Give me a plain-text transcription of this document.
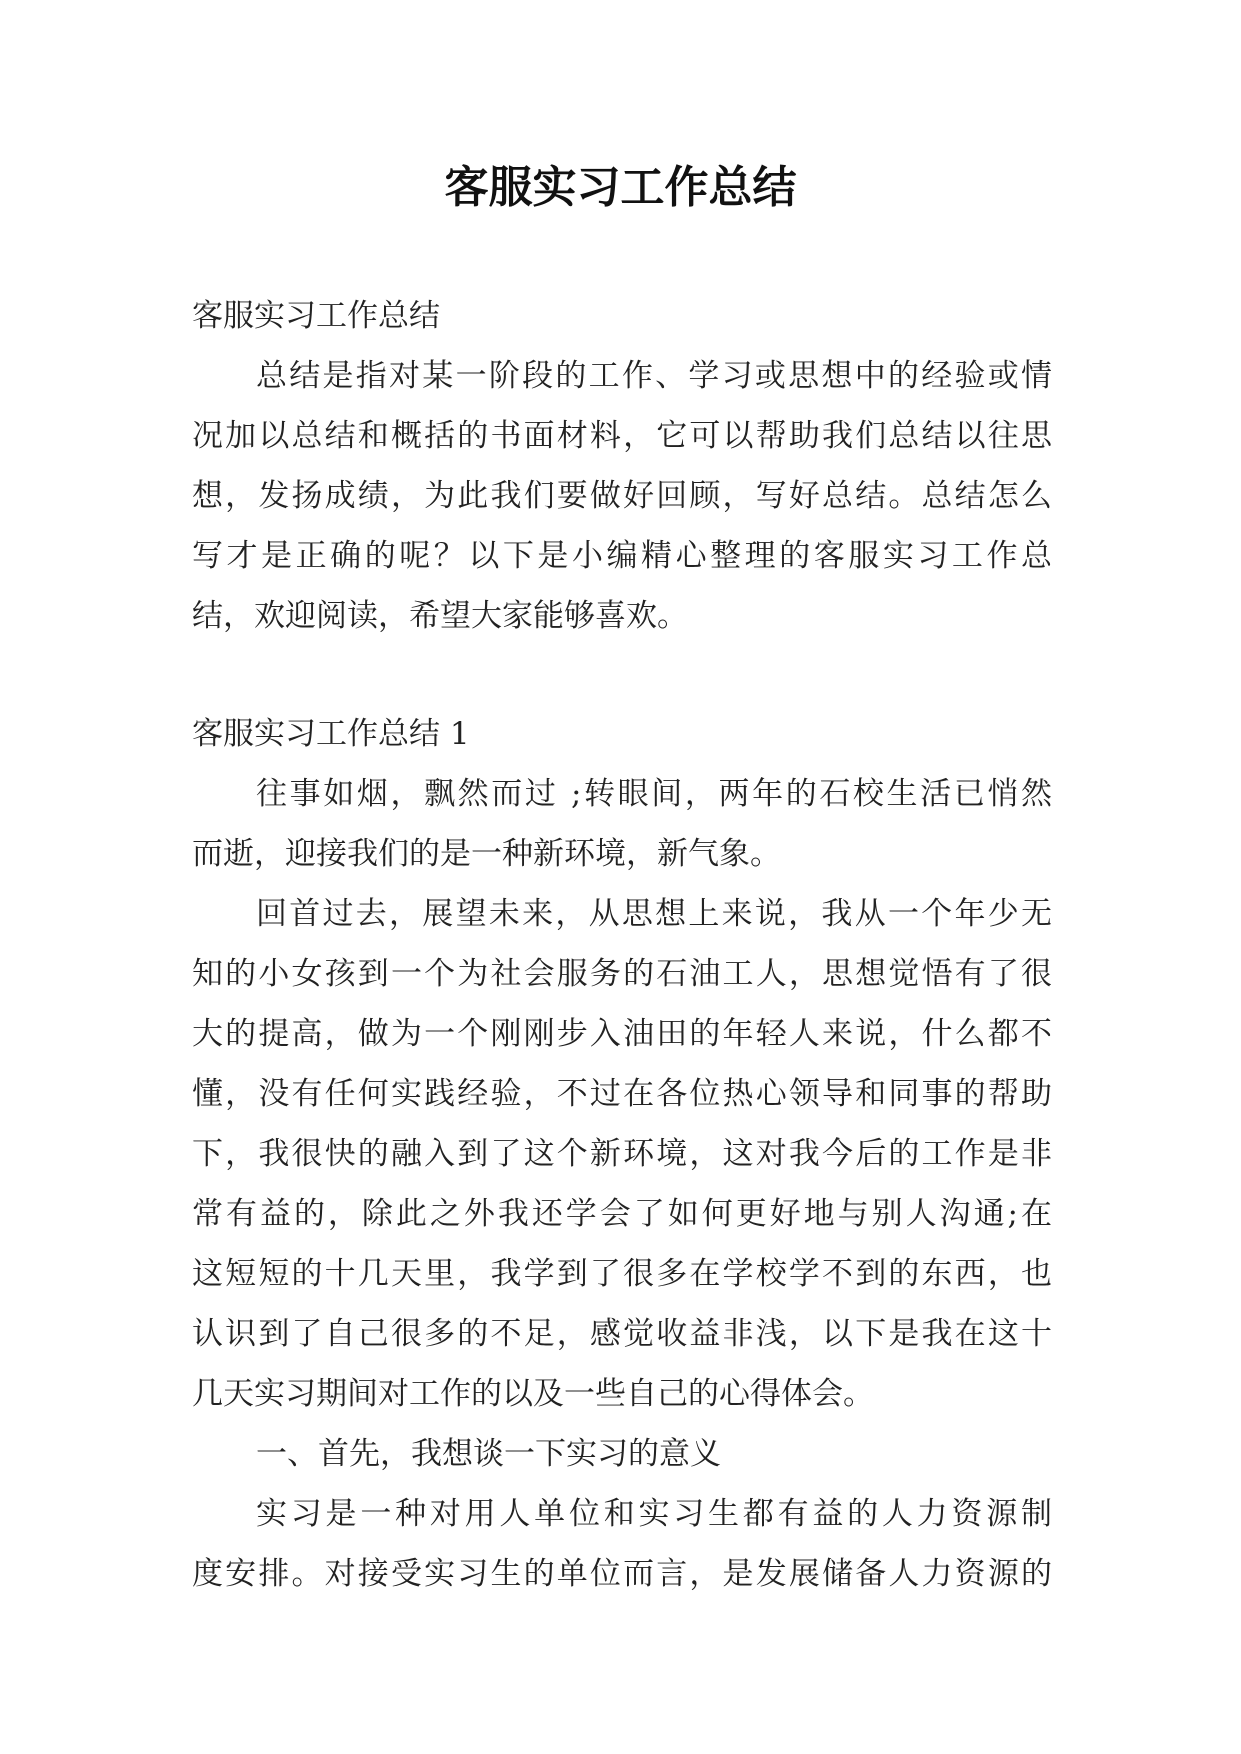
客服实习工作总结

客服实习工作总结

总结是指对某一阶段的工作、学习或思想中的经验或情

况加以总结和概括的书面材料，它可以帮助我们总结以往思

想，发扬成绩，为此我们要做好回顾，写好总结。总结怎么

写才是正确的呢？以下是小编精心整理的客服实习工作总

结，欢迎阅读，希望大家能够喜欢。

客服实习工作总结 1

往事如烟，飘然而过 ;转眼间，两年的石校生活已悄然

而逝，迎接我们的是一种新环境，新气象。

回首过去，展望未来，从思想上来说，我从一个年少无

知的小女孩到一个为社会服务的石油工人，思想觉悟有了很

大的提高，做为一个刚刚步入油田的年轻人来说，什么都不

懂，没有任何实践经验，不过在各位热心领导和同事的帮助

下，我很快的融入到了这个新环境，这对我今后的工作是非

常有益的，除此之外我还学会了如何更好地与别人沟通;在

这短短的十几天里，我学到了很多在学校学不到的东西，也

认识到了自己很多的不足，感觉收益非浅，以下是我在这十

几天实习期间对工作的以及一些自己的心得体会。

一、首先，我想谈一下实习的意义

实习是一种对用人单位和实习生都有益的人力资源制

度安排。对接受实习生的单位而言，是发展储备人力资源的
